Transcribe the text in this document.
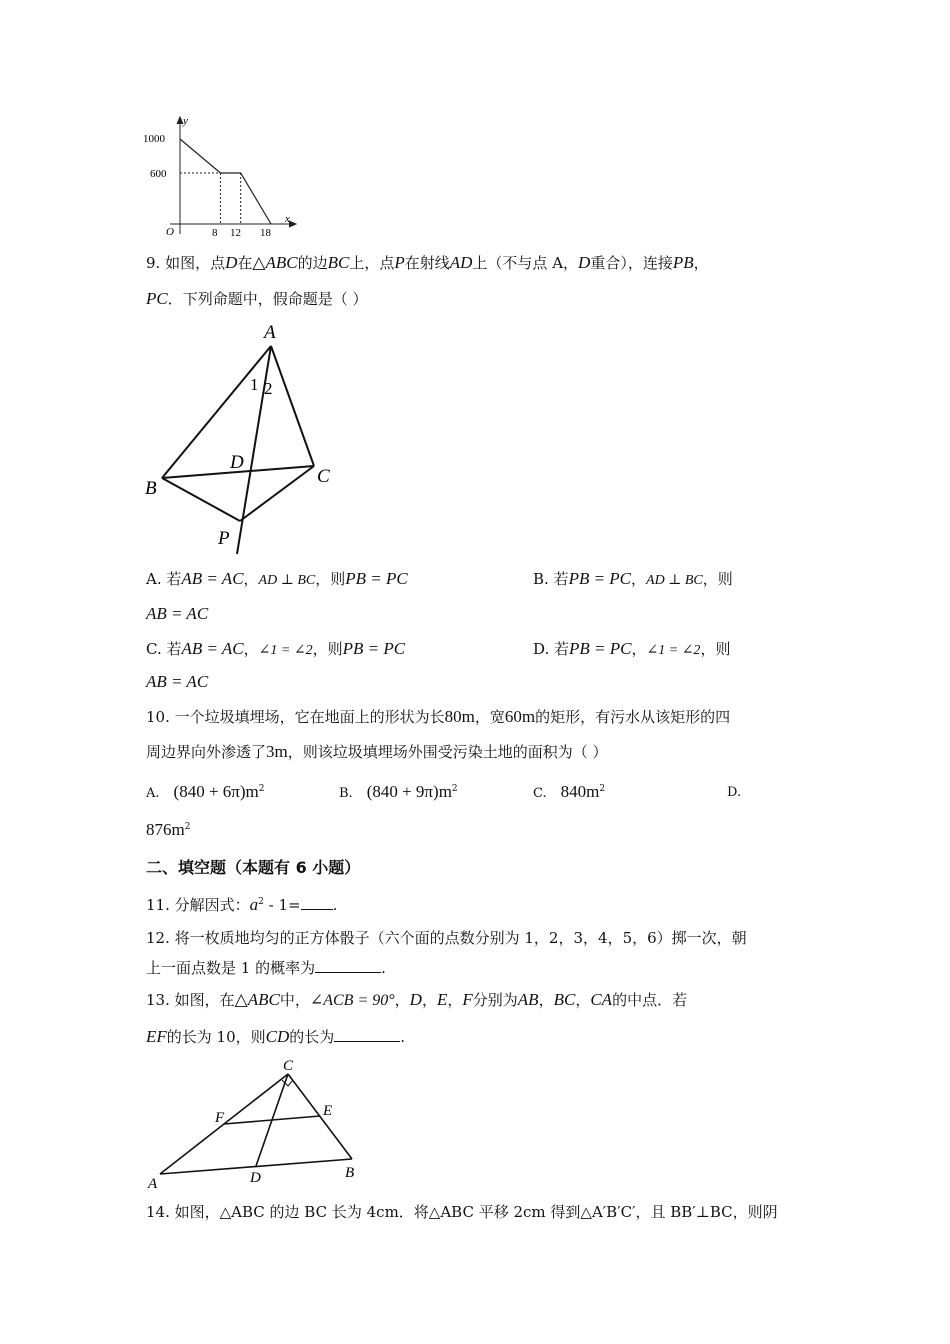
y
x
O
1000
600
8 12 18
9. 如图，点D在△ABC的边BC上，点P在射线AD上（不与点 A，D重合），连接PB，
PC．下列命题中，假命题是（ ）
A
B
C
D
P
1 2
A. 若AB = AC，AD ⊥ BC，则PB = PC	B. 若PB = PC，AD ⊥ BC，则
AB = AC
C. 若AB = AC，∠1 = ∠2，则PB = PC	D. 若PB = PC，∠1 = ∠2，则
AB = AC
10. 一个垃圾填埋场，它在地面上的形状为长80m，宽60m的矩形，有污水从该矩形的四
周边界向外渗透了3m，则该垃圾填埋场外围受污染土地的面积为（ ）
A. $(840 + 6\pi)m^2$	B. $(840 + 9\pi)m^2$	C. $840m^2$	D.
$876m^2$
二、填空题（本题有 6 小题）
11. 分解因式：$a^2 - 1=$ .
12. 将一枚质地均匀的正方体骰子（六个面的点数分别为 1，2，3，4，5，6）掷一次，朝
上一面点数是 1 的概率为	.
13. 如图，在△ABC中，∠ACB = 90°，D，E，F分别为AB，BC，CA的中点．若
EF的长为 10，则CD的长为	.
C
F	E
A	D	B
14. 如图，△ABC 的边 BC 长为 4cm．将△ABC 平移 2cm 得到△A′B′C′，且 BB′⊥BC，则阴
